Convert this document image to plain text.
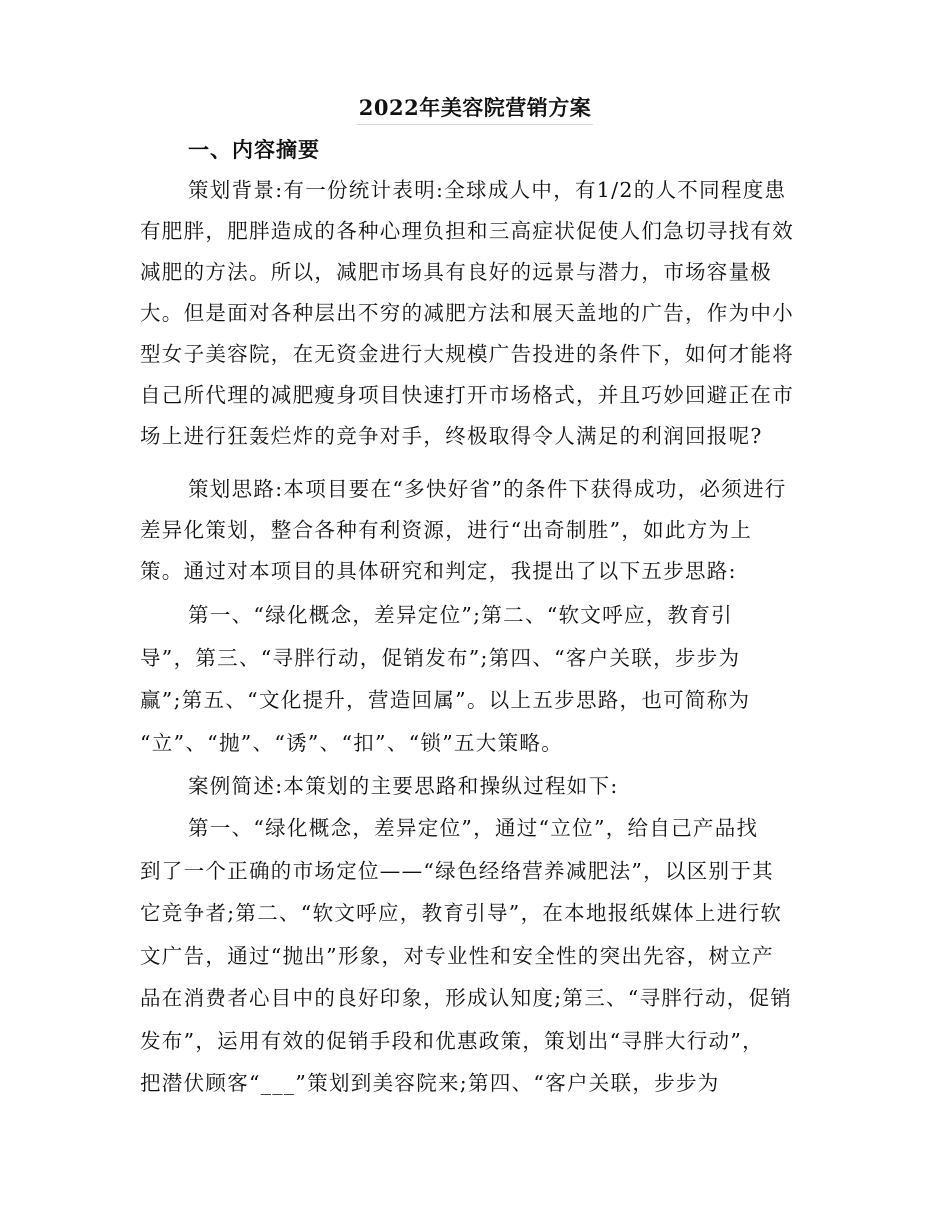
2022年美容院营销方案
一、内容摘要
策划背景:有一份统计表明:全球成人中，有1/2的人不同程度患
有肥胖，肥胖造成的各种心理负担和三高症状促使人们急切寻找有效
减肥的方法。所以，减肥市场具有良好的远景与潜力，市场容量极
大。但是面对各种层出不穷的减肥方法和展天盖地的广告，作为中小
型女子美容院，在无资金进行大规模广告投进的条件下，如何才能将
自己所代理的减肥瘦身项目快速打开市场格式，并且巧妙回避正在市
场上进行狂轰烂炸的竞争对手，终极取得令人满足的利润回报呢?
策划思路:本项目要在“多快好省”的条件下获得成功，必须进行
差异化策划，整合各种有利资源，进行“出奇制胜”，如此方为上
策。通过对本项目的具体研究和判定，我提出了以下五步思路:
第一、“绿化概念，差异定位”;第二、“软文呼应，教育引
导”，第三、“寻胖行动，促销发布”;第四、“客户关联，步步为
赢”;第五、“文化提升，营造回属”。以上五步思路，也可简称为
“立”、“抛”、“诱”、“扣”、“锁”五大策略。
案例简述:本策划的主要思路和操纵过程如下:
第一、“绿化概念，差异定位”，通过“立位”，给自己产品找
到了一个正确的市场定位——“绿色经络营养减肥法”，以区别于其
它竞争者;第二、“软文呼应，教育引导”，在本地报纸媒体上进行软
文广告，通过“抛出”形象，对专业性和安全性的突出先容，树立产
品在消费者心目中的良好印象，形成认知度;第三、“寻胖行动，促销
发布”，运用有效的促销手段和优惠政策，策划出“寻胖大行动”，
把潜伏顾客“___”策划到美容院来;第四、“客户关联，步步为
